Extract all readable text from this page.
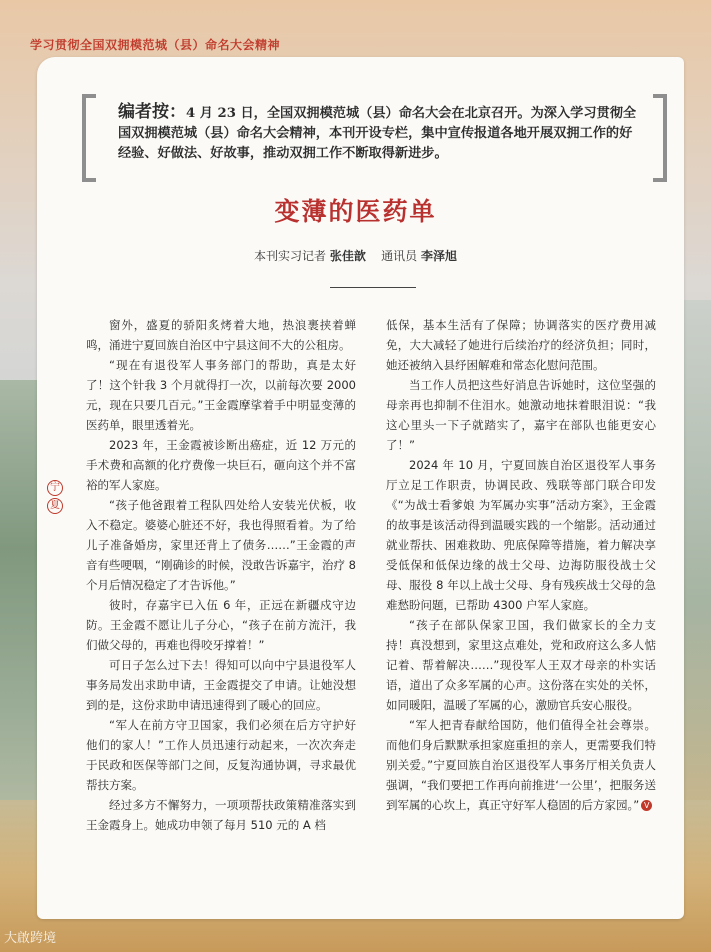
学习贯彻全国双拥模范城（县）命名大会精神
编者按：4 月 23 日，全国双拥模范城（县）命名大会在北京召开。为深入学习贯彻全国双拥模范城（县）命名大会精神，本刊开设专栏，集中宣传报道各地开展双拥工作的好经验、好做法、好故事，推动双拥工作不断取得新进步。
变薄的医药单
本刊实习记者 张佳歆 通讯员 李泽旭
宁
夏

窗外，盛夏的骄阳炙烤着大地，热浪裹挟着蝉鸣，涌进宁夏回族自治区中宁县这间不大的公租房。

“现在有退役军人事务部门的帮助，真是太好了！这个针我 3 个月就得打一次，以前每次要 2000 元，现在只要几百元。”王金霞摩挲着手中明显变薄的医药单，眼里透着光。

2023 年，王金霞被诊断出癌症，近 12 万元的手术费和高额的化疗费像一块巨石，砸向这个并不富裕的军人家庭。

“孩子他爸跟着工程队四处给人安装光伏板，收入不稳定。婆婆心脏还不好，我也得照看着。为了给儿子准备婚房，家里还背上了债务……”王金霞的声音有些哽咽，“刚确诊的时候，没敢告诉嘉宇，治疗 8 个月后情况稳定了才告诉他。”

彼时，存嘉宇已入伍 6 年，正远在新疆戍守边防。王金霞不愿让儿子分心，“孩子在前方流汗，我们做父母的，再难也得咬牙撑着！”

可日子怎么过下去！得知可以向中宁县退役军人事务局发出求助申请，王金霞提交了申请。让她没想到的是，这份求助申请迅速得到了暖心的回应。

“军人在前方守卫国家，我们必须在后方守护好他们的家人！”工作人员迅速行动起来，一次次奔走于民政和医保等部门之间，反复沟通协调，寻求最优帮扶方案。

经过多方不懈努力，一项项帮扶政策精准落实到王金霞身上。她成功申领了每月 510 元的 A 档

低保，基本生活有了保障；协调落实的医疗费用减免，大大减轻了她进行后续治疗的经济负担；同时，她还被纳入县纾困解难和常态化慰问范围。

当工作人员把这些好消息告诉她时，这位坚强的母亲再也抑制不住泪水。她激动地抹着眼泪说：“我这心里头一下子就踏实了，嘉宇在部队也能更安心了！”

2024 年 10 月，宁夏回族自治区退役军人事务厅立足工作职责，协调民政、残联等部门联合印发《“为战士看爹娘 为军属办实事”活动方案》，王金霞的故事是该活动得到温暖实践的一个缩影。活动通过就业帮扶、困难救助、兜底保障等措施，着力解决享受低保和低保边缘的战士父母、边海防服役战士父母、服役 8 年以上战士父母、身有残疾战士父母的急难愁盼问题，已帮助 4300 户军人家庭。

“孩子在部队保家卫国，我们做家长的全力支持！真没想到，家里这点难处，党和政府这么多人惦记着、帮着解决……”现役军人王双才母亲的朴实话语，道出了众多军属的心声。这份落在实处的关怀，如同暖阳，温暖了军属的心，激励官兵安心服役。

“军人把青春献给国防，他们值得全社会尊崇。而他们身后默默承担家庭重担的亲人，更需要我们特别关爱。”宁夏回族自治区退役军人事务厅相关负责人强调，“我们要把工作再向前推进‘一公里’，把服务送到军属的心坎上，真正守好军人稳固的后方家园。” V

大啟跨境
